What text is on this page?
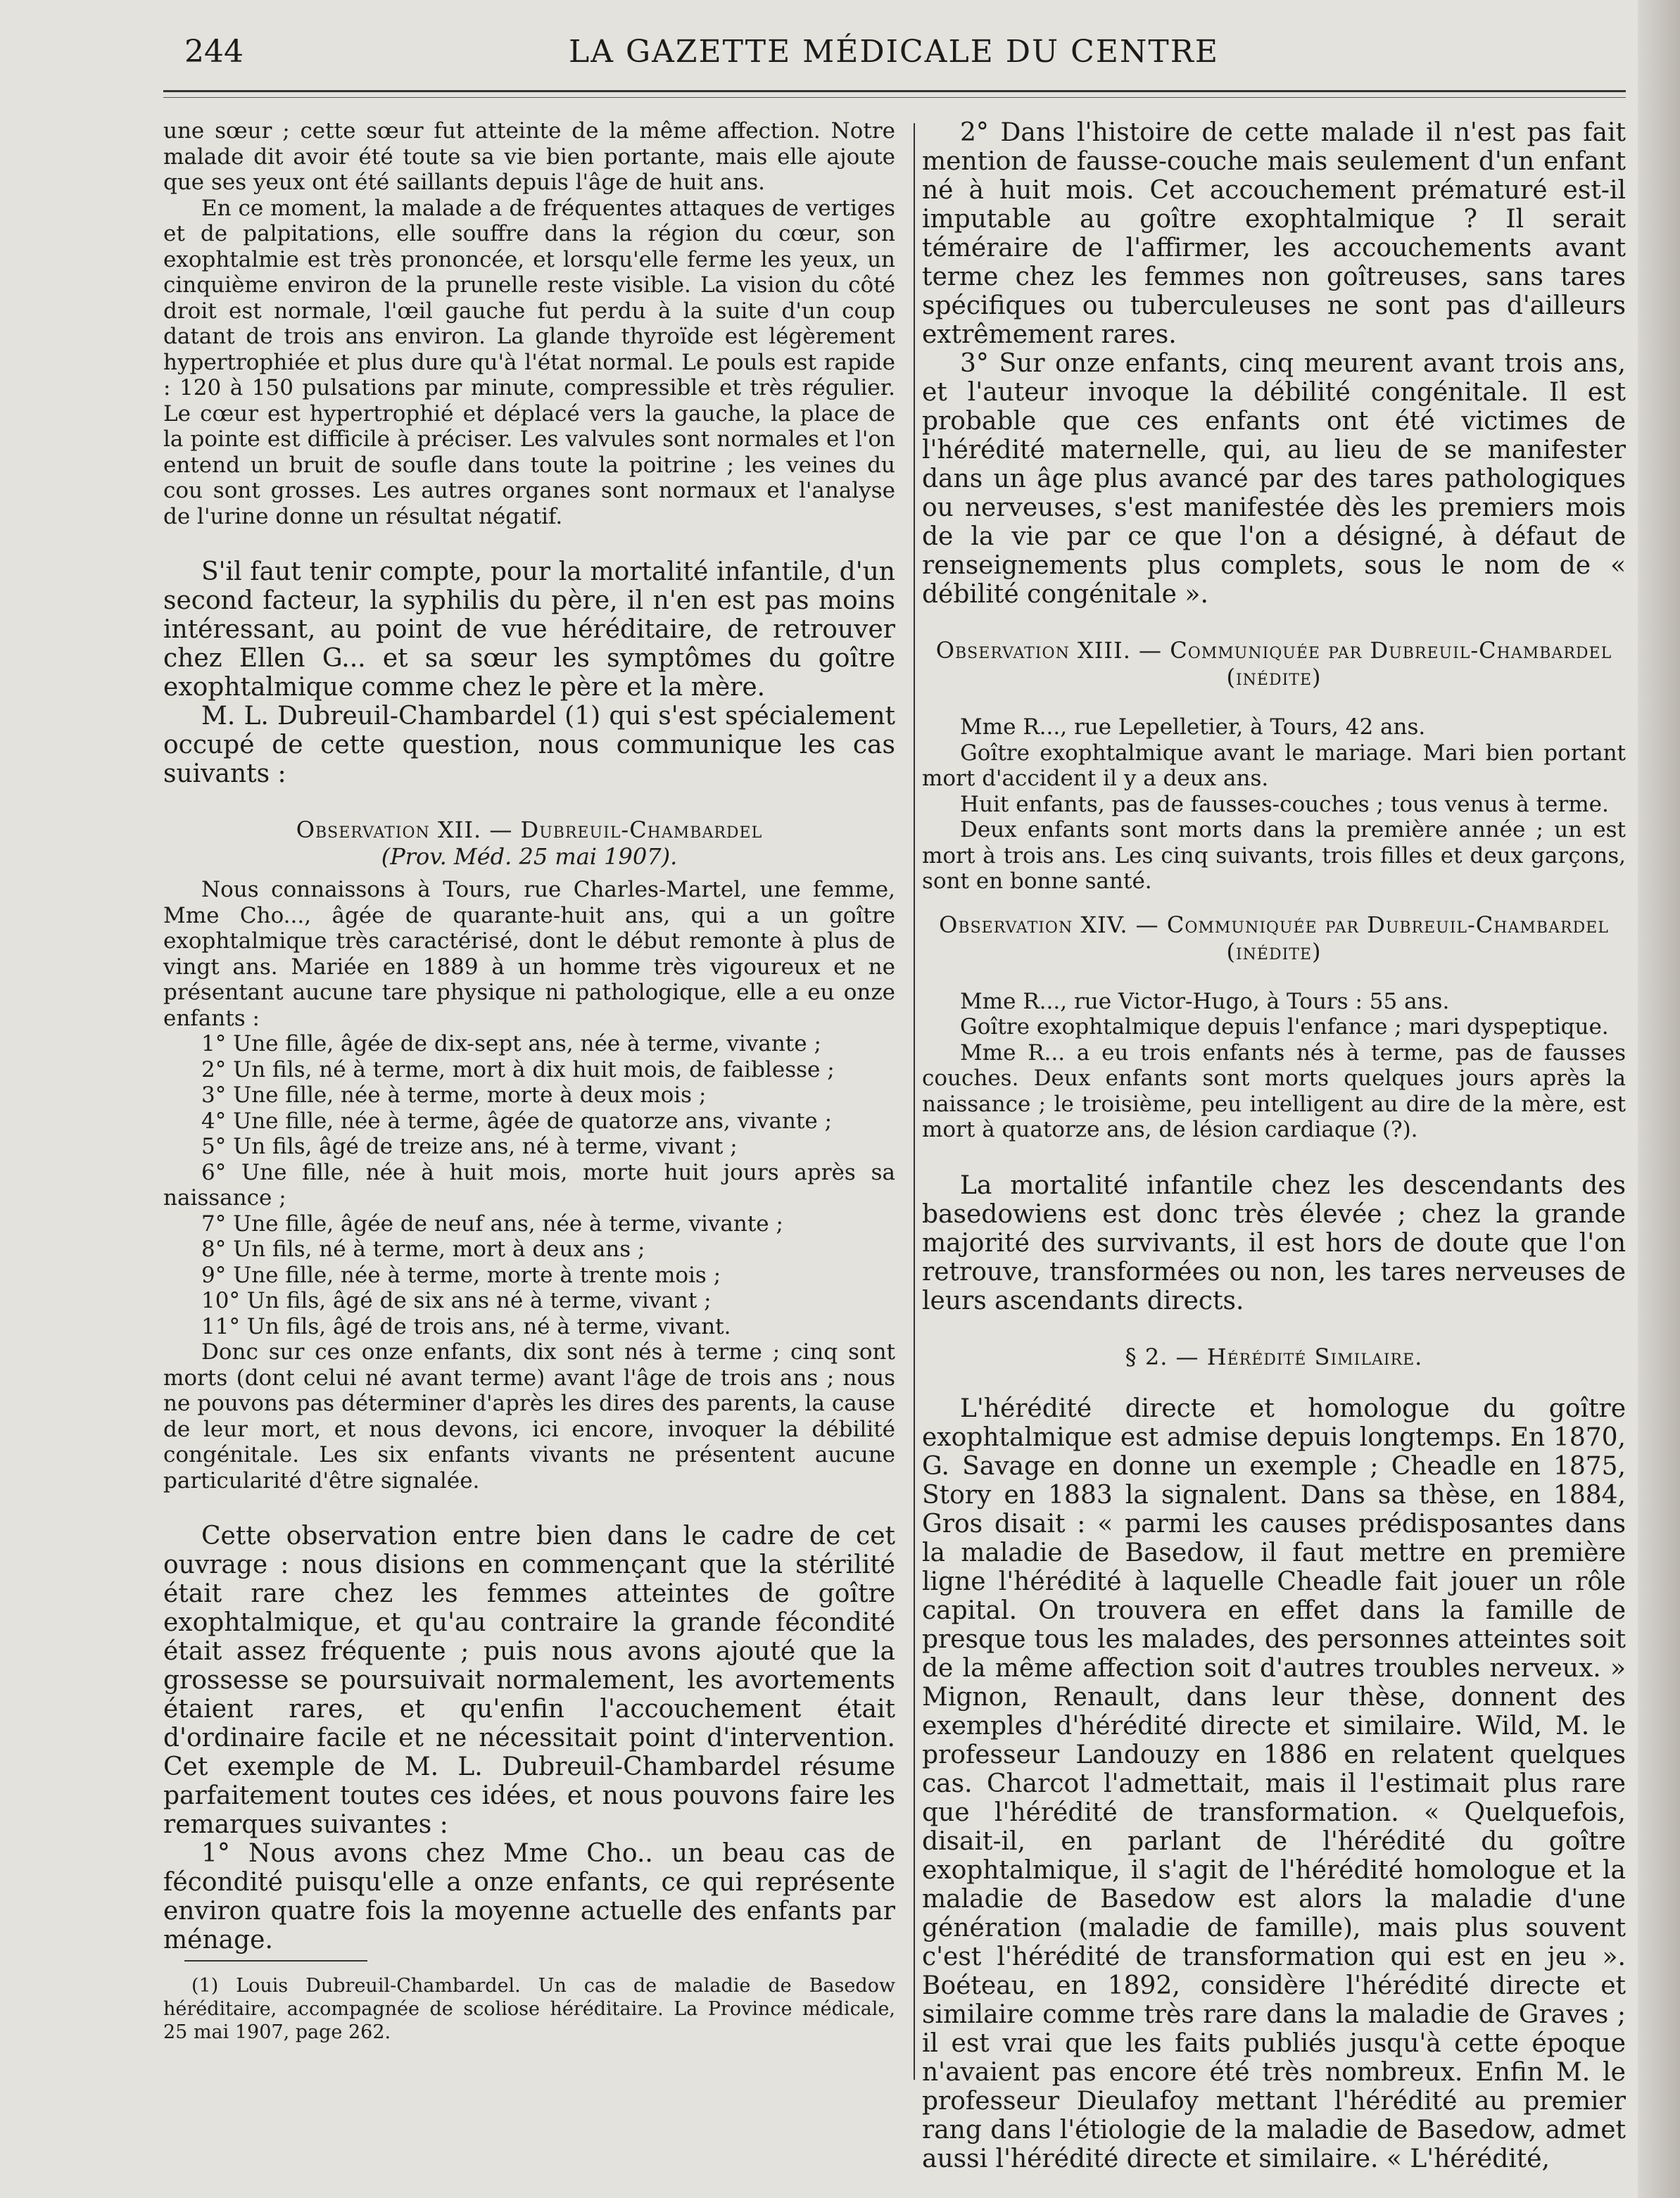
244	LA GAZETTE MÉDICALE DU CENTRE

une sœur ; cette sœur fut atteinte de la même affection. Notre malade dit avoir été toute sa vie bien portante, mais elle ajoute que ses yeux ont été saillants depuis l'âge de huit ans.

En ce moment, la malade a de fréquentes attaques de vertiges et de palpitations, elle souffre dans la région du cœur, son exophtalmie est très prononcée, et lorsqu'elle ferme les yeux, un cinquième environ de la prunelle reste visible. La vision du côté droit est normale, l'œil gauche fut perdu à la suite d'un coup datant de trois ans environ. La glande thyroïde est légèrement hypertrophiée et plus dure qu'à l'état normal. Le pouls est rapide : 120 à 150 pulsations par minute, compressible et très régulier. Le cœur est hypertrophié et déplacé vers la gauche, la place de la pointe est difficile à préciser. Les valvules sont normales et l'on entend un bruit de soufle dans toute la poitrine ; les veines du cou sont grosses. Les autres organes sont normaux et l'analyse de l'urine donne un résultat négatif.

S'il faut tenir compte, pour la mortalité infantile, d'un second facteur, la syphilis du père, il n'en est pas moins intéressant, au point de vue héréditaire, de retrouver chez Ellen G... et sa sœur les symptômes du goître exophtalmique comme chez le père et la mère.

M. L. Dubreuil-Chambardel (1) qui s'est spécialement occupé de cette question, nous communique les cas suivants :

Observation XII. — Dubreuil-Chambardel
(Prov. Méd. 25 mai 1907).

Nous connaissons à Tours, rue Charles-Martel, une femme, Mme Cho..., âgée de quarante-huit ans, qui a un goître exophtalmique très caractérisé, dont le début remonte à plus de vingt ans. Mariée en 1889 à un homme très vigoureux et ne présentant aucune tare physique ni pathologique, elle a eu onze enfants :

1° Une fille, âgée de dix-sept ans, née à terme, vivante ;

2° Un fils, né à terme, mort à dix huit mois, de faiblesse ;

3° Une fille, née à terme, morte à deux mois ;

4° Une fille, née à terme, âgée de quatorze ans, vivante ;

5° Un fils, âgé de treize ans, né à terme, vivant ;

6° Une fille, née à huit mois, morte huit jours après sa naissance ;

7° Une fille, âgée de neuf ans, née à terme, vivante ;

8° Un fils, né à terme, mort à deux ans ;

9° Une fille, née à terme, morte à trente mois ;

10° Un fils, âgé de six ans né à terme, vivant ;

11° Un fils, âgé de trois ans, né à terme, vivant.

Donc sur ces onze enfants, dix sont nés à terme ; cinq sont morts (dont celui né avant terme) avant l'âge de trois ans ; nous ne pouvons pas déterminer d'après les dires des parents, la cause de leur mort, et nous devons, ici encore, invoquer la débilité congénitale. Les six enfants vivants ne présentent aucune particularité d'être signalée.

Cette observation entre bien dans le cadre de cet ouvrage : nous disions en commençant que la stérilité était rare chez les femmes atteintes de goître exophtalmique, et qu'au contraire la grande fécondité était assez fréquente ; puis nous avons ajouté que la grossesse se poursuivait normalement, les avortements étaient rares, et qu'enfin l'accouchement était d'ordinaire facile et ne nécessitait point d'intervention. Cet exemple de M. L. Dubreuil-Chambardel résume parfaitement toutes ces idées, et nous pouvons faire les remarques suivantes :

1° Nous avons chez Mme Cho.. un beau cas de fécondité puisqu'elle a onze enfants, ce qui représente environ quatre fois la moyenne actuelle des enfants par ménage.

(1) Louis Dubreuil-Chambardel. Un cas de maladie de Basedow héréditaire, accompagnée de scoliose héréditaire. La Province médicale, 25 mai 1907, page 262.

2° Dans l'histoire de cette malade il n'est pas fait mention de fausse-couche mais seulement d'un enfant né à huit mois. Cet accouchement prématuré est-il imputable au goître exophtalmique ? Il serait téméraire de l'affirmer, les accouchements avant terme chez les femmes non goîtreuses, sans tares spécifiques ou tuberculeuses ne sont pas d'ailleurs extrêmement rares.

3° Sur onze enfants, cinq meurent avant trois ans, et l'auteur invoque la débilité congénitale. Il est probable que ces enfants ont été victimes de l'hérédité maternelle, qui, au lieu de se manifester dans un âge plus avancé par des tares pathologiques ou nerveuses, s'est manifestée dès les premiers mois de la vie par ce que l'on a désigné, à défaut de renseignements plus complets, sous le nom de « débilité congénitale ».

Observation XIII. — Communiquée par Dubreuil-Chambardel (inédite)

Mme R..., rue Lepelletier, à Tours, 42 ans.

Goître exophtalmique avant le mariage. Mari bien portant mort d'accident il y a deux ans.

Huit enfants, pas de fausses-couches ; tous venus à terme.

Deux enfants sont morts dans la première année ; un est mort à trois ans. Les cinq suivants, trois filles et deux garçons, sont en bonne santé.

Observation XIV. — Communiquée par Dubreuil-Chambardel (inédite)

Mme R..., rue Victor-Hugo, à Tours : 55 ans.

Goître exophtalmique depuis l'enfance ; mari dyspeptique.

Mme R... a eu trois enfants nés à terme, pas de fausses couches. Deux enfants sont morts quelques jours après la naissance ; le troisième, peu intelligent au dire de la mère, est mort à quatorze ans, de lésion cardiaque (?).

La mortalité infantile chez les descendants des basedowiens est donc très élevée ; chez la grande majorité des survivants, il est hors de doute que l'on retrouve, transformées ou non, les tares nerveuses de leurs ascendants directs.

§ 2. — Hérédité Similaire.

L'hérédité directe et homologue du goître exophtalmique est admise depuis longtemps. En 1870, G. Savage en donne un exemple ; Cheadle en 1875, Story en 1883 la signalent. Dans sa thèse, en 1884, Gros disait : « parmi les causes prédisposantes dans la maladie de Basedow, il faut mettre en première ligne l'hérédité à laquelle Cheadle fait jouer un rôle capital. On trouvera en effet dans la famille de presque tous les malades, des personnes atteintes soit de la même affection soit d'autres troubles nerveux. » Mignon, Renault, dans leur thèse, donnent des exemples d'hérédité directe et similaire. Wild, M. le professeur Landouzy en 1886 en relatent quelques cas. Charcot l'admettait, mais il l'estimait plus rare que l'hérédité de transformation. « Quelquefois, disait-il, en parlant de l'hérédité du goître exophtalmique, il s'agit de l'hérédité homologue et la maladie de Basedow est alors la maladie d'une génération (maladie de famille), mais plus souvent c'est l'hérédité de transformation qui est en jeu ». Boéteau, en 1892, considère l'hérédité directe et similaire comme très rare dans la maladie de Graves ; il est vrai que les faits publiés jusqu'à cette époque n'avaient pas encore été très nombreux. Enfin M. le professeur Dieulafoy mettant l'hérédité au premier rang dans l'étiologie de la maladie de Basedow, admet aussi l'hérédité directe et similaire. « L'hérédité,
